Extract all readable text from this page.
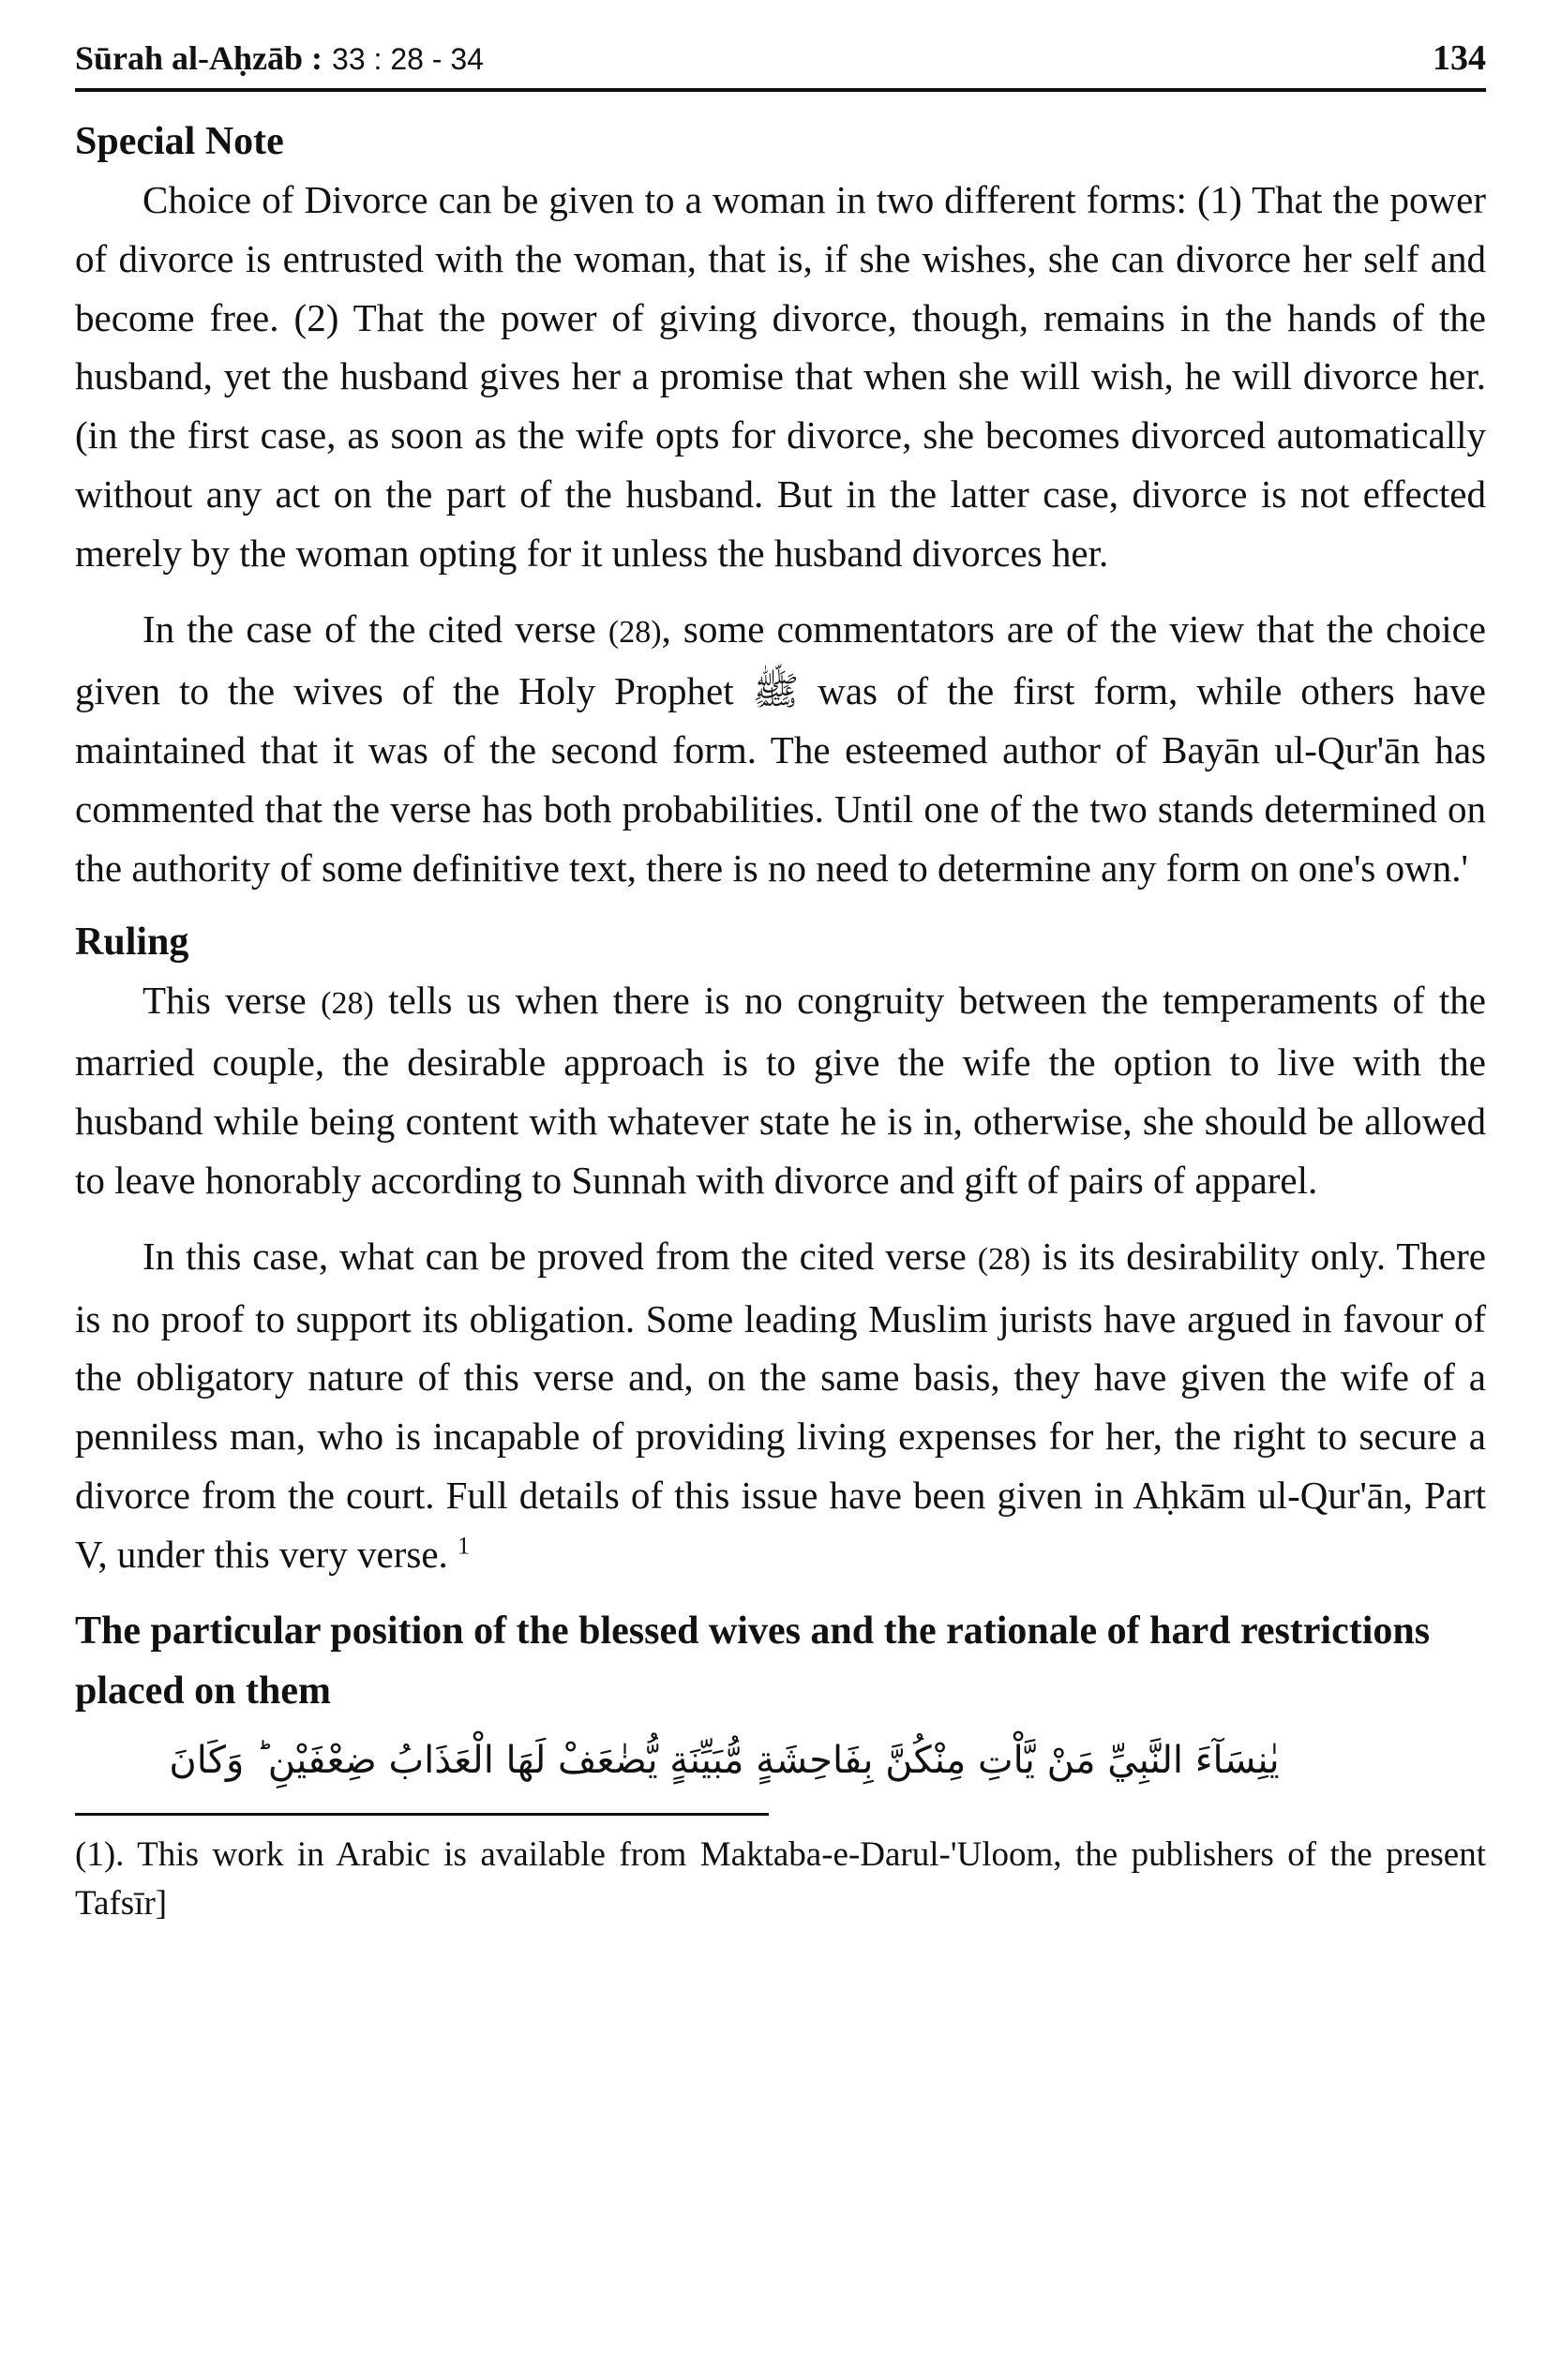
Sūrah al-Aḥzāb : 33 : 28 - 34	134
Special Note

Choice of Divorce can be given to a woman in two different forms: (1) That the power of divorce is entrusted with the woman, that is, if she wishes, she can divorce her self and become free. (2) That the power of giving divorce, though, remains in the hands of the husband, yet the husband gives her a promise that when she will wish, he will divorce her. (in the first case, as soon as the wife opts for divorce, she becomes divorced automatically without any act on the part of the husband. But in the latter case, divorce is not effected merely by the woman opting for it unless the husband divorces her.

In the case of the cited verse (28), some commentators are of the view that the choice given to the wives of the Holy Prophet ﷺ was of the first form, while others have maintained that it was of the second form. The esteemed author of Bayān ul-Qur'ān has commented that the verse has both probabilities. Until one of the two stands determined on the authority of some definitive text, there is no need to determine any form on one's own.'

Ruling

This verse (28) tells us when there is no congruity between the temperaments of the married couple, the desirable approach is to give the wife the option to live with the husband while being content with whatever state he is in, otherwise, she should be allowed to leave honorably according to Sunnah with divorce and gift of pairs of apparel.

In this case, what can be proved from the cited verse (28) is its desirability only. There is no proof to support its obligation. Some leading Muslim jurists have argued in favour of the obligatory nature of this verse and, on the same basis, they have given the wife of a penniless man, who is incapable of providing living expenses for her, the right to secure a divorce from the court. Full details of this issue have been given in Aḥkām ul-Qur'ān, Part V, under this very verse. $^1$

The particular position of the blessed wives and the rationale of hard restrictions placed on them
يٰنِسَآءَ النَّبِيِّ مَنْ يَّاْتِ مِنْكُنَّ بِفَاحِشَةٍ مُّبَيِّنَةٍ يُّضٰعَفْ لَهَا الْعَذَابُ ضِعْفَيْنِ ؕ وَكَانَ
(1). This work in Arabic is available from Maktaba-e-Darul-'Uloom, the publishers of the present Tafsīr]
